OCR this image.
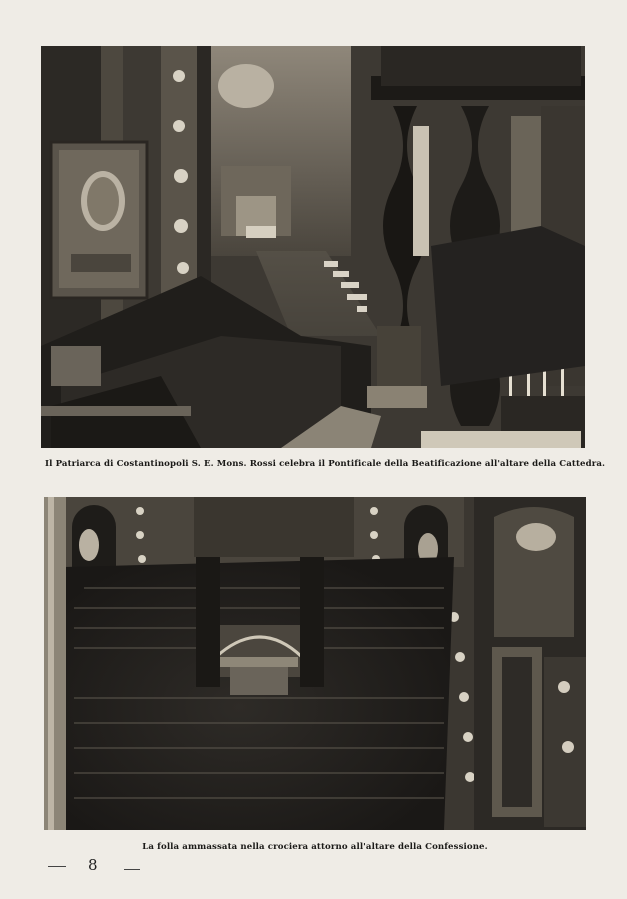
Il Patriarca di Costantinopoli S. E. Mons. Rossi celebra il Pontificale della Beatificazione all'altare della Cattedra.
La folla ammassata nella crociera attorno all'altare della Confessione.
8
